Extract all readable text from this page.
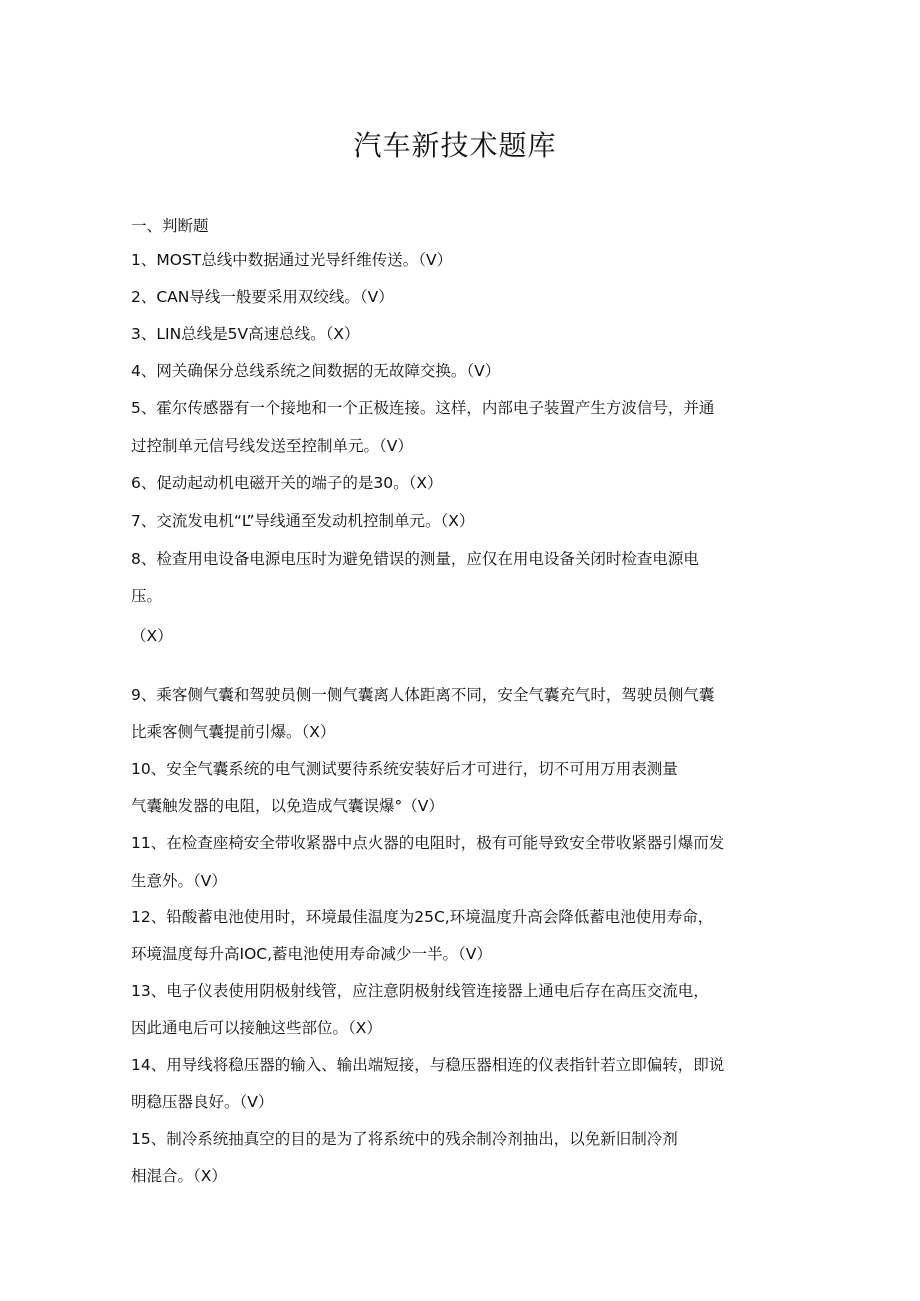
汽车新技术题库
一、判断题
1、MOST总线中数据通过光导纤维传送。（V）
2、CAN导线一般要采用双绞线。（V）
3、LIN总线是5V高速总线。（X）
4、网关确保分总线系统之间数据的无故障交换。（V）
5、霍尔传感器有一个接地和一个正极连接。这样，内部电子装置产生方波信号，并通
过控制单元信号线发送至控制单元。（V）
6、促动起动机电磁开关的端子的是30。（X）
7、交流发电机“L”导线通至发动机控制单元。（X）
8、检查用电设备电源电压时为避免错误的测量，应仅在用电设备关闭时检查电源电
压。
（X）
9、乘客侧气囊和驾驶员侧一侧气囊离人体距离不同，安全气囊充气时，驾驶员侧气囊
比乘客侧气囊提前引爆。（X）
10、安全气囊系统的电气测试要待系统安装好后才可进行，切不可用万用表测量
气囊触发器的电阻，以免造成气囊误爆°（V）
11、在检查座椅安全带收紧器中点火器的电阻时，极有可能导致安全带收紧器引爆而发
生意外。（V）
12、铅酸蓄电池使用时，环境最佳温度为25C,环境温度升高会降低蓄电池使用寿命，
环境温度每升高IOC,蓄电池使用寿命减少一半。（V）
13、电子仪表使用阴极射线管，应注意阴极射线管连接器上通电后存在高压交流电，
因此通电后可以接触这些部位。（X）
14、用导线将稳压器的输入、输出端短接，与稳压器相连的仪表指针若立即偏转，即说
明稳压器良好。（V）
15、制冷系统抽真空的目的是为了将系统中的残余制冷剂抽出，以免新旧制冷剂
相混合。（X）
